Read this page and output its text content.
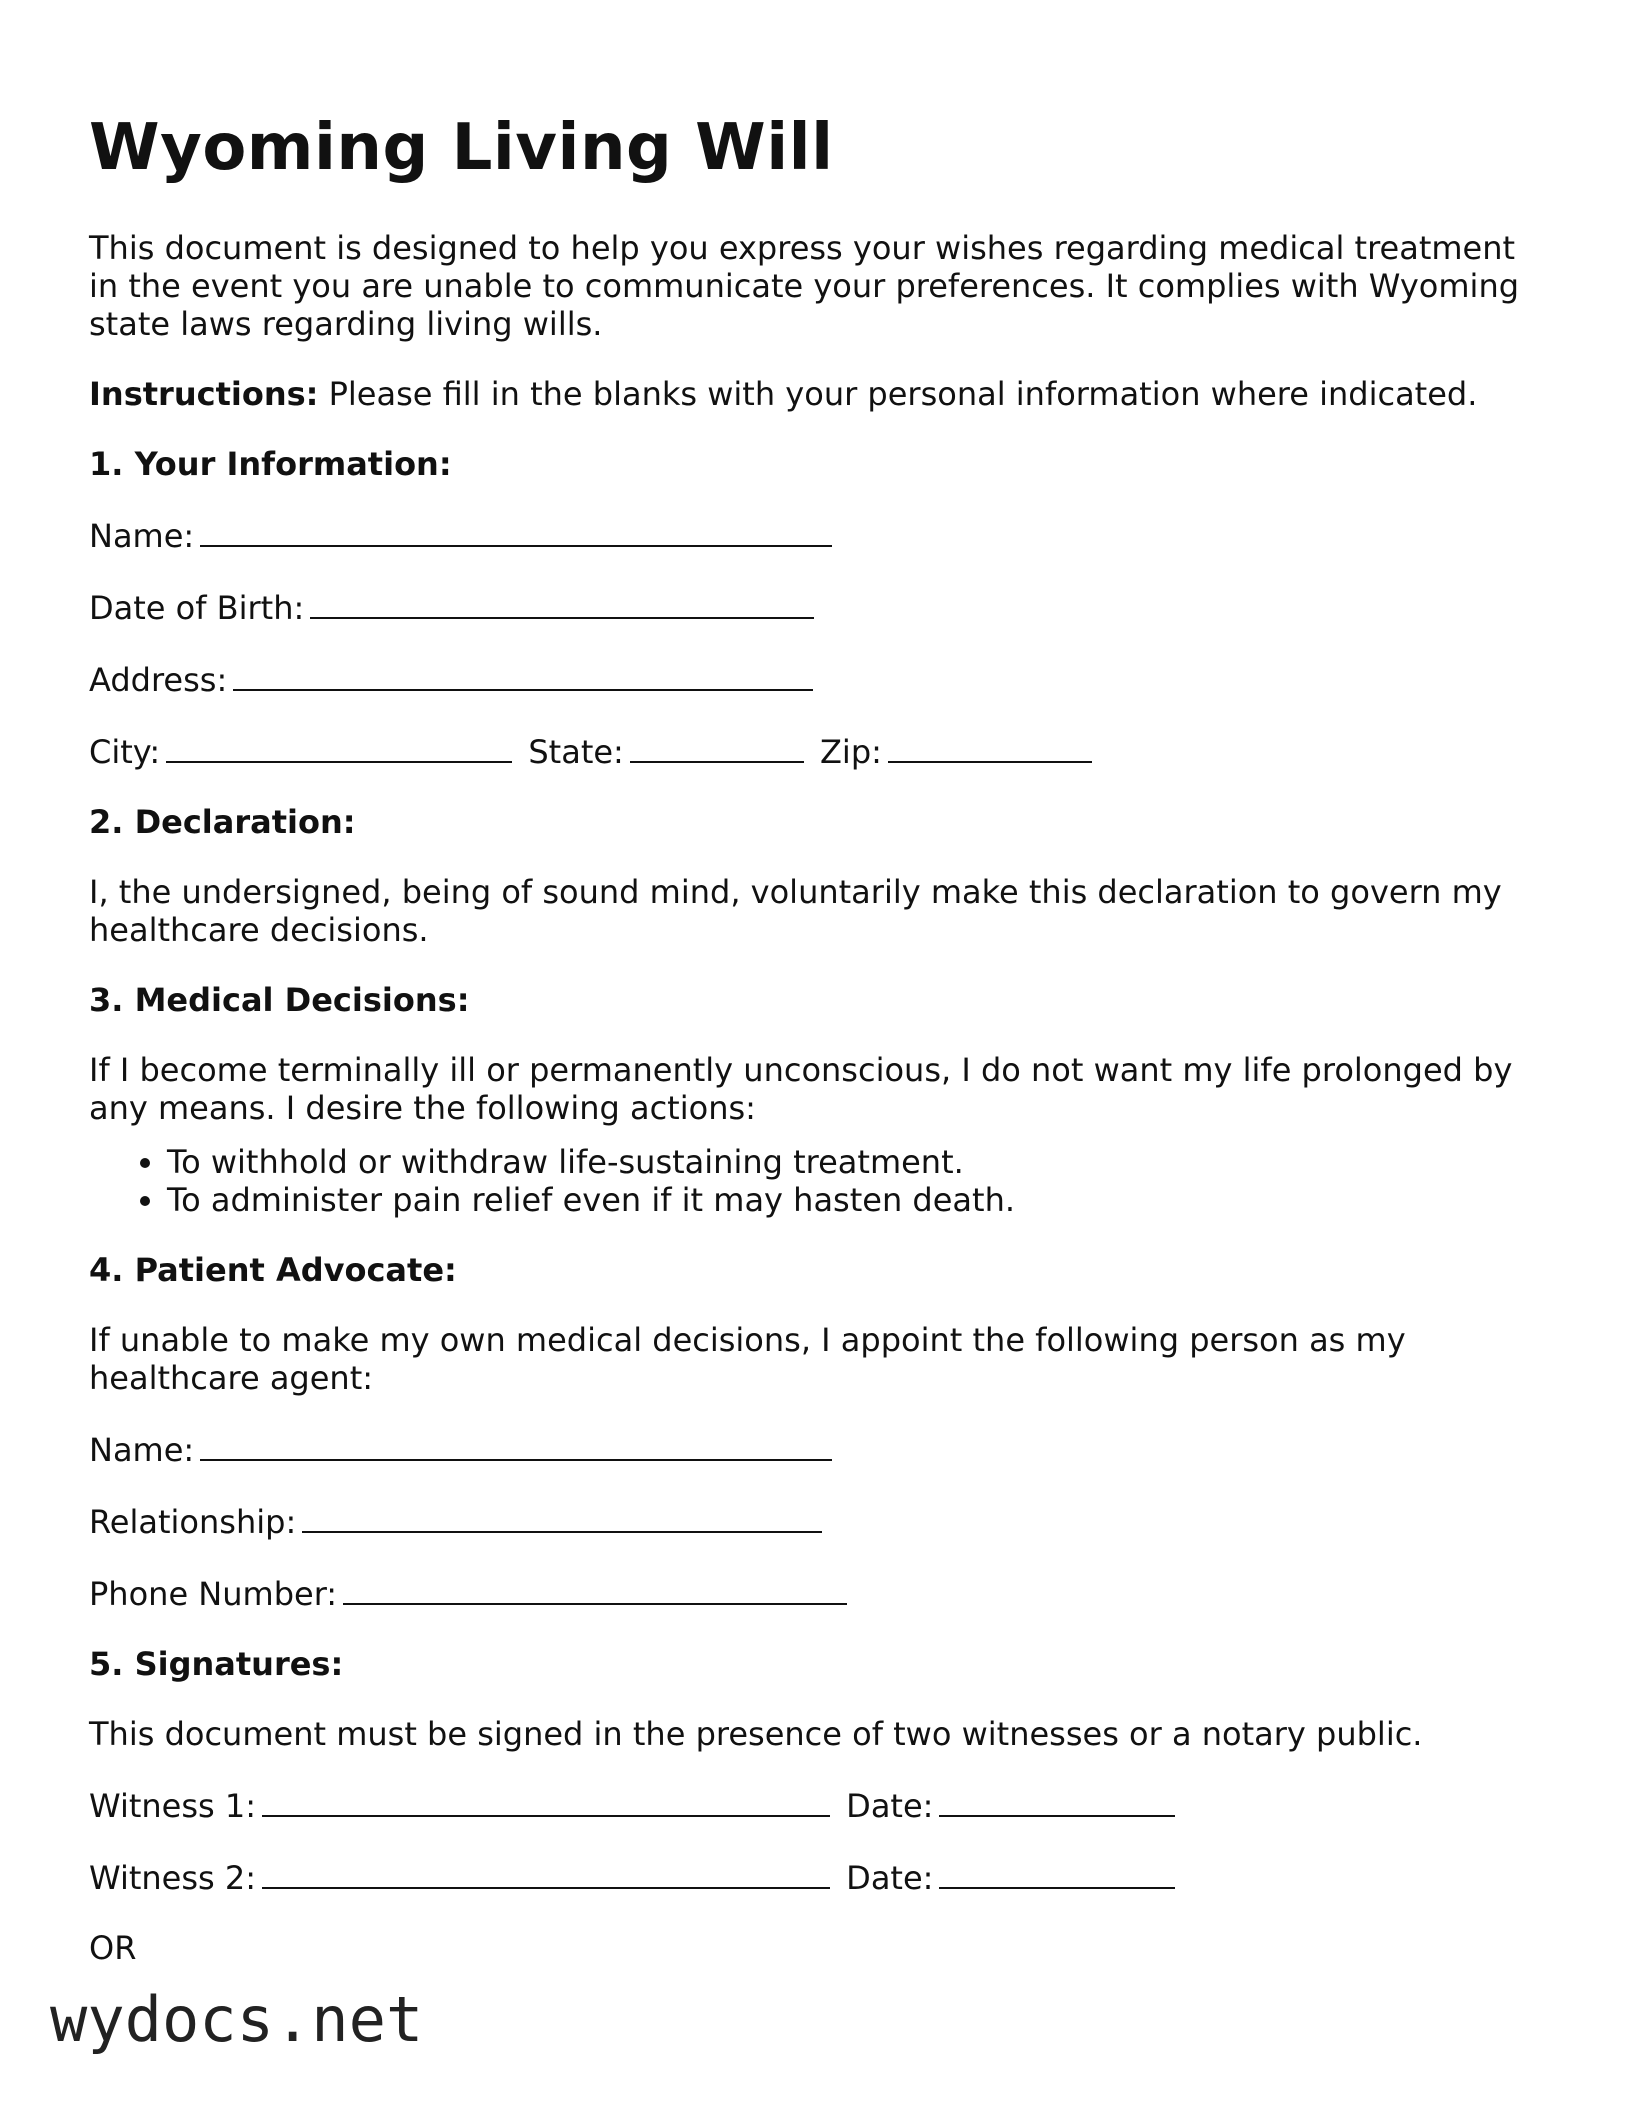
Wyoming Living Will

This document is designed to help you express your wishes regarding medical treatment in the event you are unable to communicate your preferences. It complies with Wyoming state laws regarding living wills.

Instructions: Please fill in the blanks with your personal information where indicated.

1. Your Information:
Name:
Date of Birth:
Address:
City:	State:	Zip:
2. Declaration:

I, the undersigned, being of sound mind, voluntarily make this declaration to govern my healthcare decisions.

3. Medical Decisions:

If I become terminally ill or permanently unconscious, I do not want my life prolonged by any means. I desire the following actions:

• To withhold or withdraw life-sustaining treatment.
• To administer pain relief even if it may hasten death.
4. Patient Advocate:

If unable to make my own medical decisions, I appoint the following person as my healthcare agent:

Name:
Relationship:
Phone Number:
5. Signatures:

This document must be signed in the presence of two witnesses or a notary public.

Witness 1:	Date:
Witness 2:	Date:
OR
wydocs.net
